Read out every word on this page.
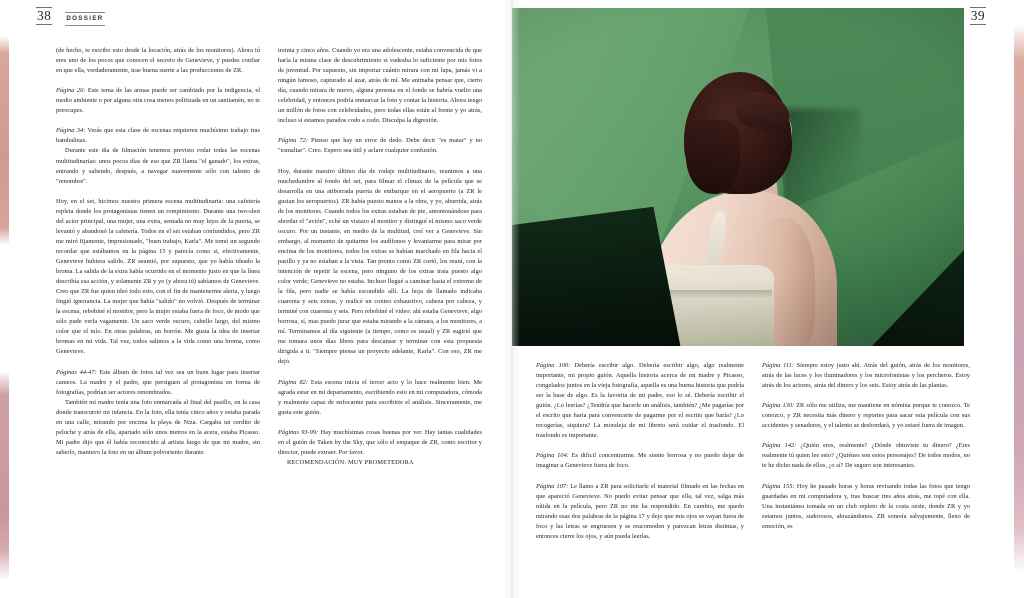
38 DOSSIER

(de hecho, te escribo esto desde la locación, atrás de los monitores). Ahora tú eres uno de los pocos que conocen el secreto de Genevieve, y puedes confiar en que ella, verdaderamente, trae buena suerte a las producciones de ZR.

Página 26: Este tema de las armas puede ser cambiado por la indigencia, el medio ambiente o por alguna otra cosa menos politizada en un santiamén, no te preocupes.

Página 34: Verás que esta clase de escenas requieren muchísimo trabajo tras bambalinas.

Durante este día de filmación tenemos previsto rodar todas las escenas multitudinarias: unos pocos días de eso que ZR llama "el ganado", los extras, entrando y saliendo, después, a navegar suavemente sólo con talento de "renombre".

Hoy, en el set, hicimos nuestra primera escena multitudinaria: una cafetería repleta donde los protagonistas tienen un rompimiento. Durante una two-shot del actor principal, una mujer, una extra, sentada no muy lejos de la puerta, se levantó y abandonó la cafetería. Todos en el set estaban confundidos, pero ZR me miró fijamente, impresionado, "buen trabajo, Karla". Me tomó un segundo recordar que estábamos en la página 15 y parecía como si, efectivamente, Genevieve hubiera salido. ZR asumió, por supuesto, que yo había ideado la broma. La salida de la extra había ocurrido en el momento justo en que la línea describía esa acción, y solamente ZR y yo (y ahora tú) sabíamos de Genevieve. Creo que ZR fue quien ideó todo esto, con el fin de mantenerme alerta, y luego fingió ignorancia. La mujer que había "salido" no volvió. Después de terminar la escena, rebobiné el monitor, pero la mujer estaba fuera de foco, de modo que sólo pude verla vagamente. Un saco verde oscuro, cabello largo, del mismo color que el mío. En otras palabras, un borrón. Me gusta la idea de insertar bromas en mi vida. Tal vez, todos salimos a la vida como una broma, como Genevieve.

Páginas 44-47: Este álbum de fotos tal vez sea un buen lugar para insertar cameos. La madre y el padre, que persiguen al protagonista en forma de fotografías, podrían ser actores renombrados.

También mi madre tenía una foto enmarcada al final del pasillo, en la casa donde transcurrió mi infancia. En la foto, ella tenía cinco años y estaba parada en una calle, mirando por encima la playa de Niza. Cargaba un cerdito de peluche y atrás de ella, apartado sólo unos metros en la acera, estaba Picasso. Mi padre dijo que él había reconocido al artista luego de que mi madre, sin saberlo, mantuvo la foto en un álbum polvoriento durante

treinta y cinco años. Cuando yo era una adolescente, estaba convencida de que haría la misma clase de descubrimiento si vadeaba lo suficiente por mis fotos de juventud. Por supuesto, sin importar cuánto mirara con mi lupa, jamás vi a ningún famoso, capturado al azar, atrás de mí. Me animaba pensar que, cierto día, cuando mirara de nuevo, alguna persona en el fondo se habría vuelto una celebridad, y entonces podría enmarcar la foto y contar la historia. Ahora tengo un millón de fotos con celebridades, pero todas ellas están al frente y yo atrás, incluso si estamos parados codo a codo. Disculpa la digresión.

Página 72: Pienso que hay un error de dedo. Debe decir "es matar" y no "esmaltar". Creo. Espero sea útil y aclare cualquier confusión.

Hoy, durante nuestro último día de rodaje multitudinario, reunimos a una muchedumbre al fondo del set, para filmar el clímax de la película que se desarrolla en una atiborrada puerta de embarque en el aeropuerto (a ZR le gustan los aeropuertos). ZR había puesto manos a la obra, y yo, aburrida, atrás de los monitores. Cuando todos los extras estaban de pie, amontonándose para abordar el "avión", eché un vistazo al monitor y distinguí el mismo saco verde oscuro. Por un instante, en medio de la multitud, creí ver a Genevieve. Sin embargo, al momento de quitarme los audífonos y levantarme para mirar por encima de los monitores, todos los extras se habían marchado en fila hacia el pasillo y ya no estaban a la vista. Tan pronto como ZR cortó, los reuní, con la intención de repetir la escena, pero ninguno de los extras traía puesto algo color verde; Genevieve no estaba. Incluso llegué a caminar hasta el extremo de la fila, pero nadie se había escondido allí. La hoja de llamado indicaba cuarenta y seis extras, y realicé un conteo exhaustivo, cabeza por cabeza, y terminé con cuarenta y seis. Pero rebobiné el video: ahí estaba Genevieve, algo borrosa, sí, mas puedo jurar que estaba mirando a la cámara, a los monitores, a mí. Terminamos al día siguiente (a tiempo, como es usual) y ZR sugirió que me tomara unos días libres para descansar y terminar con esta propuesta dirigida a ti. "Siempre piensa un proyecto adelante, Karla". Con eso, ZR me dejó.

Página 82: Esta escena inicia el tercer acto y lo hace realmente bien. Me agrada estar en mi departamento, escribiendo esto en mi computadora, cómoda y realmente capaz de enfocarme para escribirte el análisis. Sinceramente, me gusta este guión.

Páginas 93-99: Hay muchísimas cosas buenas por ver. Hay tantas cualidades en el guión de Taken by the Sky, que sólo el empaque de ZR, como escritor y director, puede extraer. Por favor.

RECOMENDACIÓN: MUY PROMETEDORA

39

Página 100: Debería escribir algo. Debería escribir algo, algo realmente importante, mi propio guión. Aquella historia acerca de mi madre y Picasso, congelados juntos en la vieja fotografía, aquella es una buena historia que podría ser la base de algo. Es la favorita de mi padre, eso lo sé. Debería escribir el guión. ¿Lo leerías? ¿Tendría que hacerle un análisis, también? ¿Me pagarías por el escrito que haría para convencerte de pagarme por el escrito que haría? ¿Lo recogerías, siquiera? La moraleja de mi libreto será cuidar el trasfondo. El trasfondo es importante.

Página 104: Es difícil concentrarme. Me siento borrosa y no puedo dejar de imaginar a Genevieve fuera de foco.

Página 107: Le llamo a ZR para solicitarle el material filmado en las fechas en que apareció Genevieve. No puedo evitar pensar que ella, tal vez, salga más nítida en la película, pero ZR no me ha respondido. En cambio, me quedo mirando esas dos palabras de la página 17 y dejo que mis ojos se vayan fuera de foco y las letras se engruesen y se reacomoden y parezcan letras distintas, y entonces cierre los ojos, y aún pueda leerlas.

Página 111: Siempre estoy justo ahí. Atrás del guión, atrás de los monitores, atrás de las luces y los iluminadores y los microfonistas y los percheros. Estoy atrás de los actores, atrás del dinero y los sets. Estoy atrás de las plantas.

Página 130: ZR sólo me utiliza, me mantiene en nómina porque te conozco. Te conozco, y ZR necesita más dinero y reportes para sacar esta película con sus accidentes y senadores, y el talento se desbordará, y yo estaré fuera de imagen.

Página 142: ¿Quién eres, realmente? ¿Dónde obtuviste tu dinero? ¿Eres realmente tú quien lee esto? ¿Quiénes son estos personajes? De todos modos, no te he dicho nada de ellos, ¿o sí? De seguro son interesantes.

Página 155: Hoy he pasado horas y horas revisando todas las fotos que tengo guardadas en mi computadora y, tras buscar tres años atrás, me topé con ella. Una instantánea tomada en un club repleto de la costa oeste, donde ZR y yo estamos juntos, sudorosos, abrazándonos. ZR sonreía salvajemente, lleno de emoción, es
